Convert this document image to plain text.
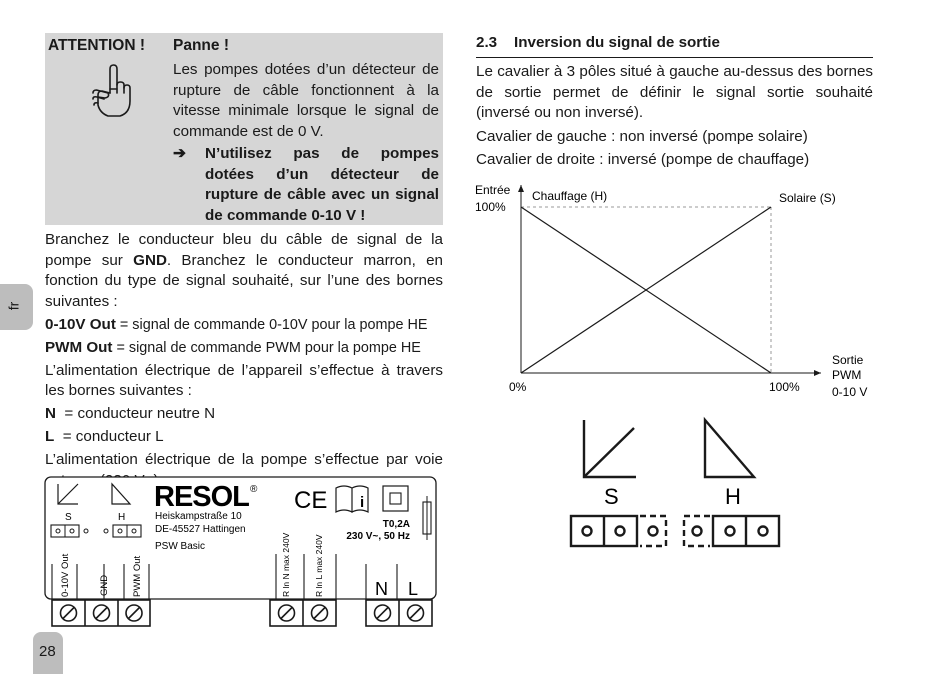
ATTENTION ! Panne !
Les pompes dotées d’un détecteur de rupture de câble fonctionnent à la vitesse minimale lorsque le signal de commande est de 0 V.
➔ N’utilisez pas de pompes dotées d’un détecteur de rupture de câble avec un signal de commande 0-10 V !

Branchez le conducteur bleu du câble de signal de la pompe sur GND. Branchez le conducteur marron, en fonction du type de signal souhaité, sur l’une des bornes suivantes :

0-10V Out = signal de commande 0-10V pour la pompe HE

PWM Out = signal de commande PWM pour la pompe HE

L’alimentation électrique de l’appareil s’effectue à travers les bornes suivantes :

N  = conducteur neutre N

L  = conducteur L

L’alimentation électrique de la pompe s’effectue par voie

S	H
RESOL ®
Heiskampstraße 10
DE-45527 Hattingen
PSW Basic
CE i
T0,2A
230 V~, 50 Hz
0-10V Out	GND PWM Out	R ln N max 240V	R ln L max 240V	N L
2.3 Inversion du signal de sortie

Le cavalier à 3 pôles situé à gauche au-dessus des bornes de sortie permet de définir le signal sortie souhaité (inversé ou non inversé).

Cavalier de gauche : non inversé (pompe solaire)

Cavalier de droite : inversé (pompe de chauffage)

Entrée
100%
0%	100%
Sortie
PWM
0-10 V
Chauffage (H)	Solaire (S)
S	H
fr
28
